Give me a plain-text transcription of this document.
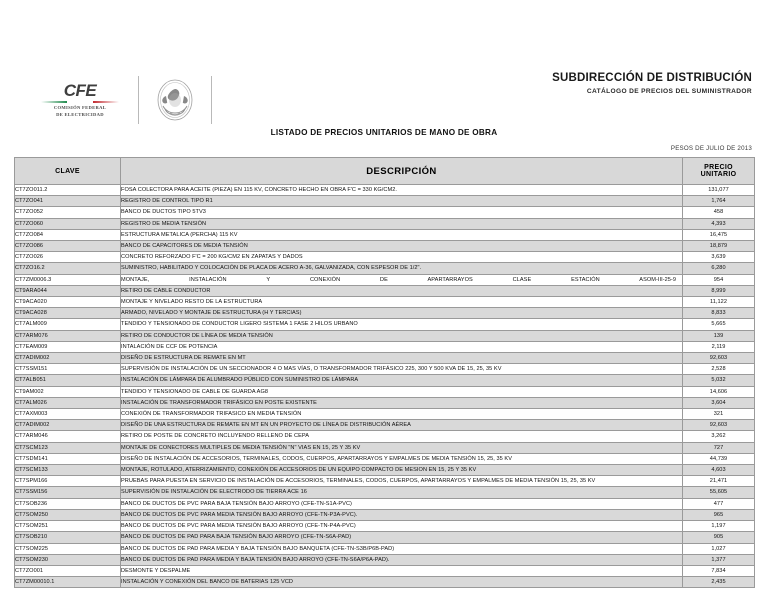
CFE
COMISIÓN FEDERAL
DE ELECTRICIDAD
SUBDIRECCIÓN DE DISTRIBUCIÓN
CATÁLOGO DE PRECIOS DEL SUMINISTRADOR
LISTADO DE PRECIOS UNITARIOS DE MANO DE OBRA
PESOS DE JULIO DE 2013
CLAVE	DESCRIPCIÓN	PRECIO
UNITARIO

CT7ZO011.2	FOSA COLECTORA PARA ACEITE (PIEZA) EN 115 KV, CONCRETO HECHO EN OBRA F'C = 330 KG/CM2.	131,077
CT7ZO041	REGISTRO DE CONTROL TIPO R1	1,764
CT7ZO052	BANCO DE DUCTOS TIPO 5TV3	458
CT7ZO060	REGISTRO DE MEDIA TENSIÓN	4,393
CT7ZO084	ESTRUCTURA METALICA (PERCHA) 115 KV	16,475
CT7ZO086	BANCO DE CAPACITORES DE MEDIA TENSIÓN	18,879
CT7ZO026	CONCRETO REFORZADO F'C = 200 KG/CM2 EN ZAPATAS Y DADOS	3,639
CT7ZO16.2	SUMINISTRO, HABILITADO Y COLOCACIÓN DE PLACA DE ACERO A-36, GALVANIZADA, CON ESPESOR DE 1/2".	6,280
CT7ZM0006.3	MONTAJE, INSTALACIÓN Y CONEXIÓN DE APARTARRAYOS CLASE ESTACIÓN ASOM-III-25-9	954
CT9ARA044	RETIRO DE CABLE CONDUCTOR	8,999
CT9ACA020	MONTAJE Y NIVELADO RESTO DE LA ESTRUCTURA	11,122
CT9ACA028	ARMADO, NIVELADO Y MONTAJE DE ESTRUCTURA (H Y TERCIAS)	8,833
CT7ALM009	TENDIDO Y TENSIONADO DE CONDUCTOR LIGERO SISTEMA 1 FASE 2 HILOS URBANO	5,665
CT7ARM076	RETIRO DE CONDUCTOR DE LÍNEA DE MEDIA TENSIÓN	139
CT7EAM009	INTALACIÓN DE CCF DE POTENCIA	2,119
CT7ADIM002	DISEÑO DE ESTRUCTURA DE REMATE EN MT	92,603
CT7SSM151	SUPERVISIÓN DE INSTALACIÓN DE UN SECCIONADOR 4 O MAS VÍAS, O TRANSFORMADOR TRIFÁSICO 225, 300 Y 500 KVA DE 15, 25, 35 KV	2,528
CT7ALB051	INSTALACIÓN DE LÁMPARA DE ALUMBRADO PÚBLICO CON SUMINISTRO DE LÁMPARA	5,032
CT9AM002	TENDIDO Y TENSIONADO DE CABLE DE GUARDA AG8	14,606
CT7ALM026	INSTALACIÓN DE TRANSFORMADOR TRIFÁSICO EN POSTE EXISTENTE	3,604
CT7AXM003	CONEXIÓN DE TRANSFORMADOR TRIFASICO EN MEDIA TENSIÓN	321
CT7ADIM002	DISEÑO DE UNA ESTRUCTURA DE REMATE EN MT EN UN PROYECTO DE LÍNEA DE DISTRIBUCIÓN AÉREA	92,603
CT7ARM046	RETIRO DE POSTE DE CONCRETO INCLUYENDO RELLENO DE CEPA	3,262
CT7SCM123	MONTAJE DE CONECTORES MULTIPLES DE MEDIA TENSIÓN "N" VIAS EN 15, 25 Y 35 KV	727
CT7SDM141	DISEÑO DE INSTALACIÓN DE ACCESORIOS, TERMINALES, CODOS, CUERPOS, APARTARRAYOS Y EMPALMES DE MEDIA TENSIÓN 15, 25, 35 KV	44,739
CT7SCM133	MONTAJE, ROTULADO, ATERRIZAMIENTO, CONEXIÓN DE ACCESORIOS DE UN EQUIPO COMPACTO DE MESION EN 15, 25 Y 35 KV	4,603
CT7SPM166	PRUEBAS PARA PUESTA EN SERVICIO DE INSTALACIÓN DE ACCESORIOS, TERMINALES, CODOS, CUERPOS, APARTARRAYOS Y EMPALMES DE MEDIA TENSIÓN 15, 25, 35 KV	21,471
CT7SSM156	SUPERVISIÓN DE INSTALACIÓN DE ELECTRODO DE TIERRA ACE 16	55,605
CT7SOB236	BANCO DE DUCTOS DE PVC PARA BAJA TENSIÓN BAJO ARROYO (CFE-TN-S1A-PVC)	477
CT7SOM250	BANCO DE DUCTOS DE PVC PARA MEDIA TENSIÓN BAJO ARROYO (CFE-TN-P3A-PVC).	965
CT7SOM251	BANCO DE DUCTOS DE PVC PARA MEDIA TENSIÓN BAJO ARROYO (CFE-TN-P4A-PVC)	1,197
CT7SOB210	BANCO DE DUCTOS DE PAD PARA BAJA TENSIÓN BAJO ARROYO (CFE-TN-S6A-PAD)	905
CT7SOM225	BANCO DE DUCTOS DE PAD PARA MEDIA Y BAJA TENSIÓN BAJO BANQUETA (CFE-TN-S3B/P6B-PAD)	1,027
CT7SOM230	BANCO DE DUCTOS DE PAD PARA MEDIA Y BAJA TENSIÓN BAJO ARROYO (CFE-TN-S6A/P6A-PAD).	1,377
CT7ZO001	DESMONTE Y DESPALME	7,834
CT7ZM00010.1	INSTALACIÓN Y CONEXIÓN DEL BANCO DE BATERIAS 125 VCD	2,435
